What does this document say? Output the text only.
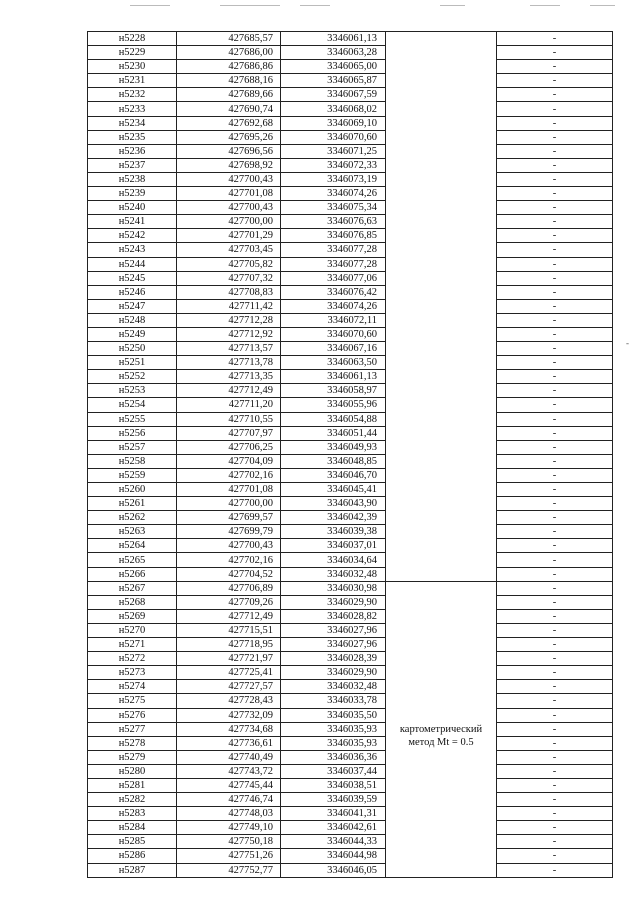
н5228	427685,57	3346061,13		-
н5229	427686,00	3346063,28		-
н5230	427686,86	3346065,00		-
н5231	427688,16	3346065,87		-
н5232	427689,66	3346067,59		-
н5233	427690,74	3346068,02		-
н5234	427692,68	3346069,10		-
н5235	427695,26	3346070,60		-
н5236	427696,56	3346071,25		-
н5237	427698,92	3346072,33		-
н5238	427700,43	3346073,19		-
н5239	427701,08	3346074,26		-
н5240	427700,43	3346075,34		-
н5241	427700,00	3346076,63		-
н5242	427701,29	3346076,85		-
н5243	427703,45	3346077,28		-
н5244	427705,82	3346077,28		-
н5245	427707,32	3346077,06		-
н5246	427708,83	3346076,42		-
н5247	427711,42	3346074,26		-
н5248	427712,28	3346072,11		-
н5249	427712,92	3346070,60		-
н5250	427713,57	3346067,16		-
н5251	427713,78	3346063,50		-
н5252	427713,35	3346061,13		-
н5253	427712,49	3346058,97		-
н5254	427711,20	3346055,96		-
н5255	427710,55	3346054,88		-
н5256	427707,97	3346051,44		-
н5257	427706,25	3346049,93		-
н5258	427704,09	3346048,85		-
н5259	427702,16	3346046,70		-
н5260	427701,08	3346045,41		-
н5261	427700,00	3346043,90		-
н5262	427699,57	3346042,39		-
н5263	427699,79	3346039,38		-
н5264	427700,43	3346037,01		-
н5265	427702,16	3346034,64		-
н5266	427704,52	3346032,48		-
н5267	427706,89	3346030,98	картометрический метод Mt = 0.5	-
н5268	427709,26	3346029,90		-
н5269	427712,49	3346028,82		-
н5270	427715,51	3346027,96		-
н5271	427718,95	3346027,96		-
н5272	427721,97	3346028,39		-
н5273	427725,41	3346029,90		-
н5274	427727,57	3346032,48		-
н5275	427728,43	3346033,78		-
н5276	427732,09	3346035,50		-
н5277	427734,68	3346035,93		-
н5278	427736,61	3346035,93		-
н5279	427740,49	3346036,36		-
н5280	427743,72	3346037,44		-
н5281	427745,44	3346038,51		-
н5282	427746,74	3346039,59		-
н5283	427748,03	3346041,31		-
н5284	427749,10	3346042,61		-
н5285	427750,18	3346044,33		-
н5286	427751,26	3346044,98		-
н5287	427752,77	3346046,05		-
-
